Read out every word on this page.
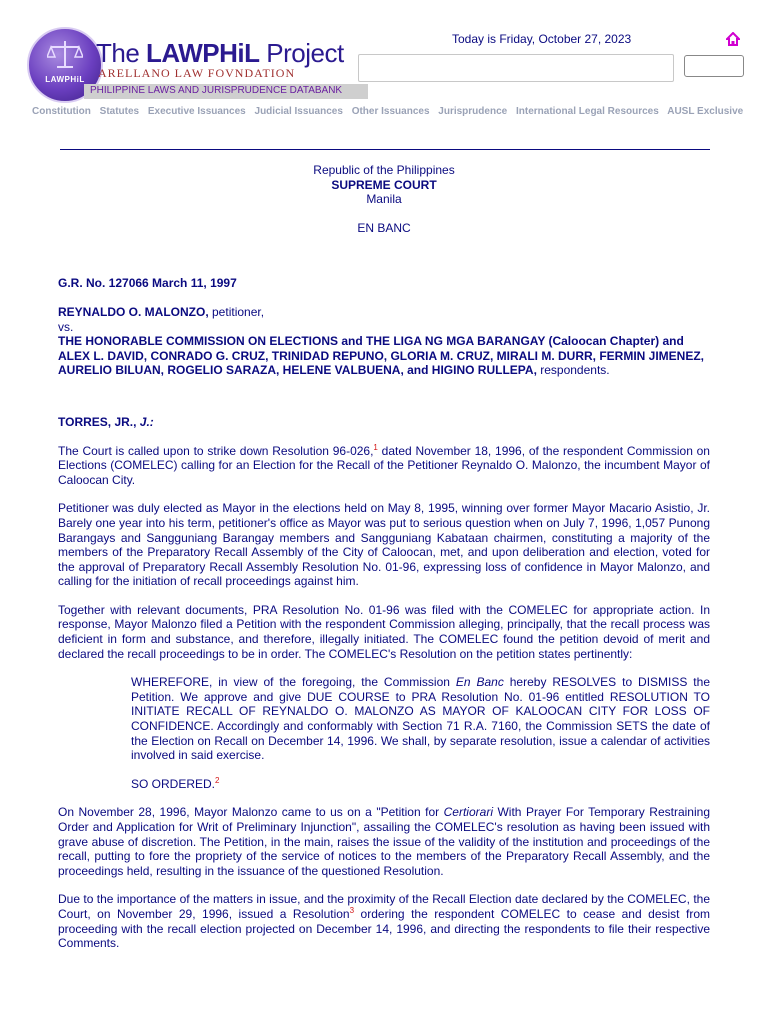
LAWPHiL
The LAWPHiL Project
ARELLANO LAW FOVNDATION
PHILIPPINE LAWS AND JURISPRUDENCE DATABANK
Today is Friday, October 27, 2023
Constitution Statutes Executive Issuances Judicial Issuances Other Issuances Jurisprudence International Legal Resources AUSL Exclusive
Republic of the Philippines
SUPREME COURT
Manila
EN BANC

G.R. No. 127066 March 11, 1997

REYNALDO O. MALONZO, petitioner,

vs.

THE HONORABLE COMMISSION ON ELECTIONS and THE LIGA NG MGA BARANGAY (Caloocan Chapter) and ALEX L. DAVID, CONRADO G. CRUZ, TRINIDAD REPUNO, GLORIA M. CRUZ, MIRALI M. DURR, FERMIN JIMENEZ, AURELIO BILUAN, ROGELIO SARAZA, HELENE VALBUENA, and HIGINO RULLEPA, respondents.

TORRES, JR., J.:

The Court is called upon to strike down Resolution 96-026,$^1$ dated November 18, 1996, of the respondent Commission on Elections (COMELEC) calling for an Election for the Recall of the Petitioner Reynaldo O. Malonzo, the incumbent Mayor of Caloocan City.

Petitioner was duly elected as Mayor in the elections held on May 8, 1995, winning over former Mayor Macario Asistio, Jr. Barely one year into his term, petitioner's office as Mayor was put to serious question when on July 7, 1996, 1,057 Punong Barangays and Sangguniang Barangay members and Sangguniang Kabataan chairmen, constituting a majority of the members of the Preparatory Recall Assembly of the City of Caloocan, met, and upon deliberation and election, voted for the approval of Preparatory Recall Assembly Resolution No. 01-96, expressing loss of confidence in Mayor Malonzo, and calling for the initiation of recall proceedings against him.

Together with relevant documents, PRA Resolution No. 01-96 was filed with the COMELEC for appropriate action. In response, Mayor Malonzo filed a Petition with the respondent Commission alleging, principally, that the recall process was deficient in form and substance, and therefore, illegally initiated. The COMELEC found the petition devoid of merit and declared the recall proceedings to be in order. The COMELEC's Resolution on the petition states pertinently:

WHEREFORE, in view of the foregoing, the Commission En Banc hereby RESOLVES to DISMISS the Petition. We approve and give DUE COURSE to PRA Resolution No. 01-96 entitled RESOLUTION TO INITIATE RECALL OF REYNALDO O. MALONZO AS MAYOR OF KALOOCAN CITY FOR LOSS OF CONFIDENCE. Accordingly and conformably with Section 71 R.A. 7160, the Commission SETS the date of the Election on Recall on December 14, 1996. We shall, by separate resolution, issue a calendar of activities involved in said exercise.

SO ORDERED.$^2$

On November 28, 1996, Mayor Malonzo came to us on a "Petition for Certiorari With Prayer For Temporary Restraining Order and Application for Writ of Preliminary Injunction", assailing the COMELEC's resolution as having been issued with grave abuse of discretion. The Petition, in the main, raises the issue of the validity of the institution and proceedings of the recall, putting to fore the propriety of the service of notices to the members of the Preparatory Recall Assembly, and the proceedings held, resulting in the issuance of the questioned Resolution.

Due to the importance of the matters in issue, and the proximity of the Recall Election date declared by the COMELEC, the Court, on November 29, 1996, issued a Resolution$^3$ ordering the respondent COMELEC to cease and desist from proceeding with the recall election projected on December 14, 1996, and directing the respondents to file their respective Comments.
